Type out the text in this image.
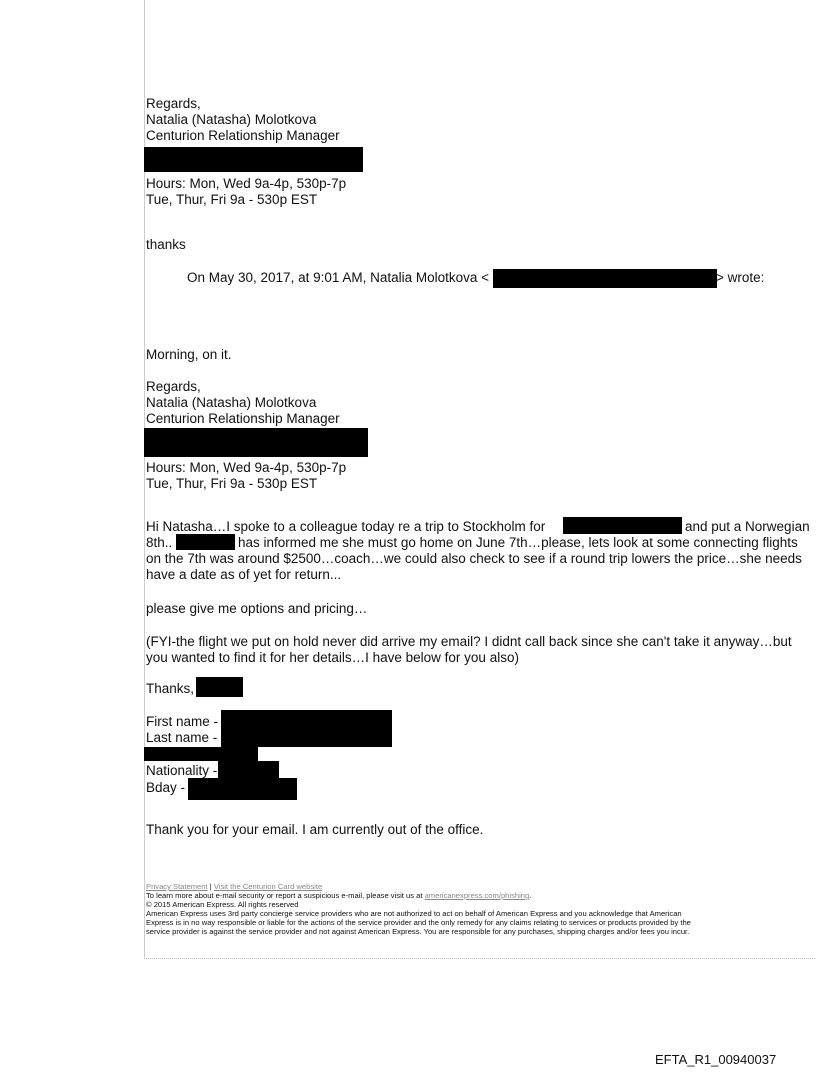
Regards,
Natalia (Natasha) Molotkova
Centurion Relationship Manager
Hours: Mon, Wed 9a-4p, 530p-7p
Tue, Thur, Fri 9a - 530p EST
thanks
On May 30, 2017, at 9:01 AM, Natalia Molotkova <	> wrote:
Morning, on it.
Regards,
Natalia (Natasha) Molotkova
Centurion Relationship Manager
Hours: Mon, Wed 9a-4p, 530p-7p
Tue, Thur, Fri 9a - 530p EST
Hi Natasha…I spoke to a colleague today re a trip to Stockholm for	and put a Norwegian
8th..	has informed me she must go home on June 7th…please, lets look at some connecting flights
on the 7th was around $2500…coach…we could also check to see if a round trip lowers the price…she needs
have a date as of yet for return...
please give me options and pricing…
(FYI-the flight we put on hold never did arrive my email? I didnt call back since she can't take it anyway…but
you wanted to find it for her details…I have below for you also)
Thanks,
First name -
Last name -
Nationality -
Bday -
Thank you for your email. I am currently out of the office.
Privacy Statement | Visit the Centurion Card website
To learn more about e-mail security or report a suspicious e-mail, please visit us at americanexpress.com/phishing.
© 2015 American Express. All rights reserved
American Express uses 3rd party concierge service providers who are not authorized to act on behalf of American Express and you acknowledge that American
Express is in no way responsible or liable for the actions of the service provider and the only remedy for any claims relating to services or products provided by the
service provider is against the service provider and not against American Express. You are responsible for any purchases, shipping charges and/or fees you incur.
EFTA_R1_00940037
